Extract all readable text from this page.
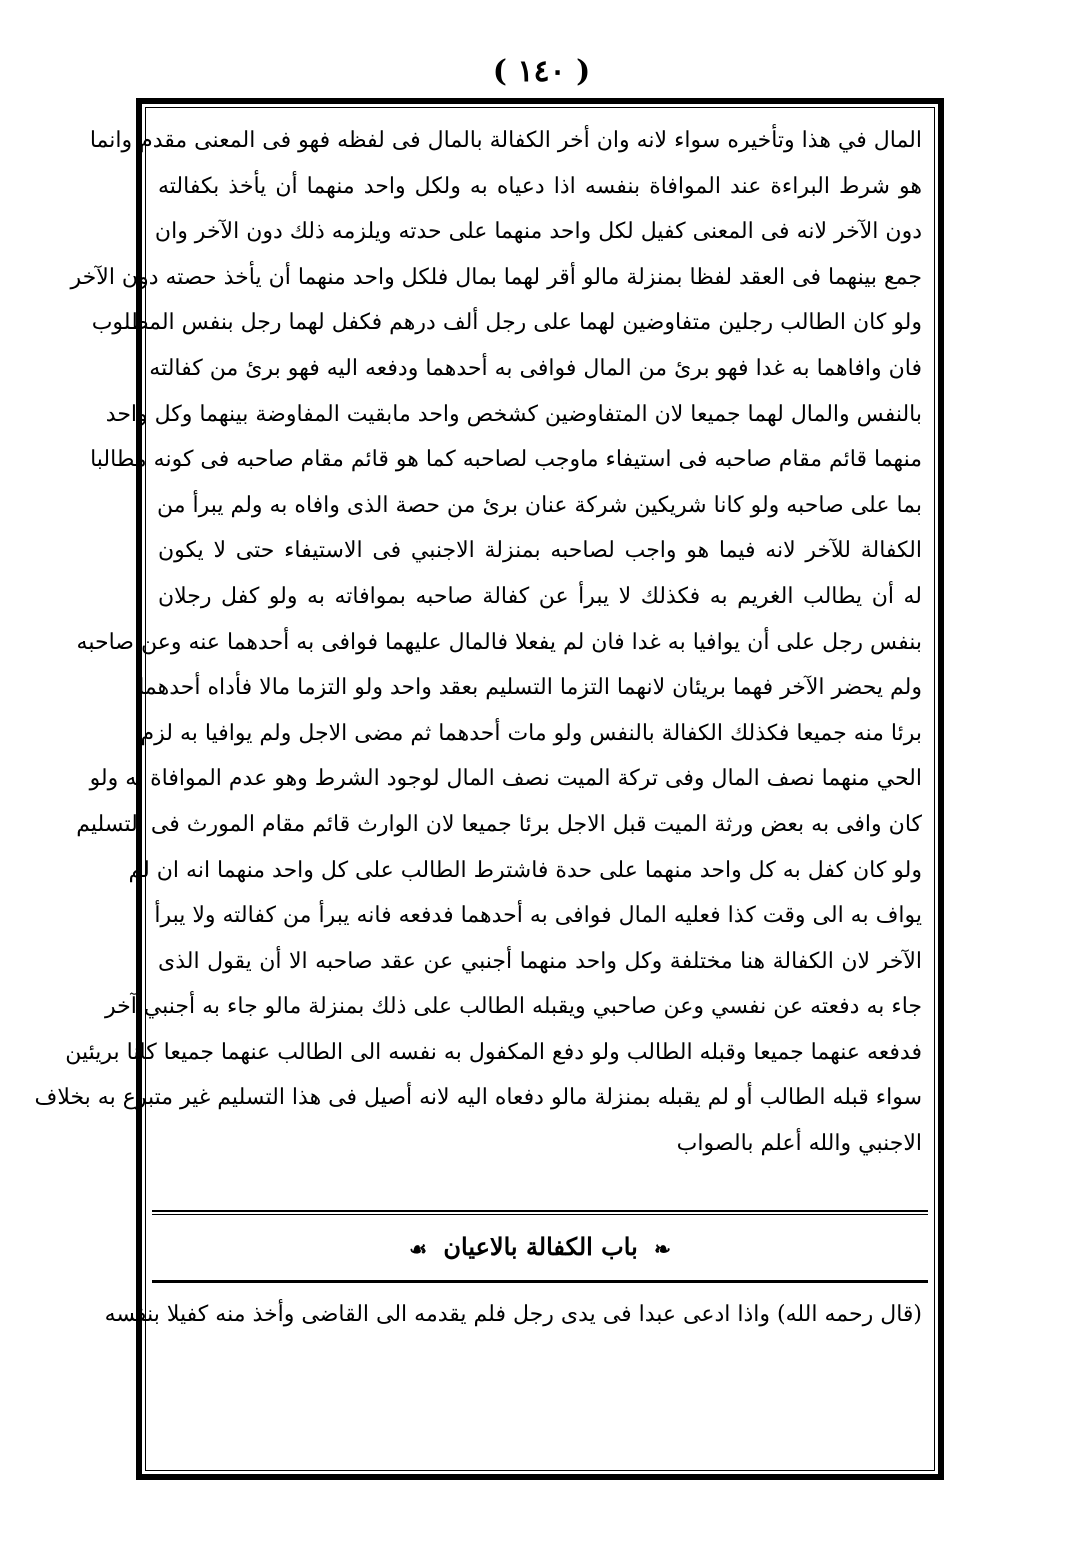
( ١٤٠ )
المال في هذا وتأخيره سواء لانه وان أخر الكفالة بالمال فى لفظه فهو فى المعنى مقدم وانما
هو شرط البراءة عند الموافاة بنفسه اذا دعياه به ولكل واحد منهما أن يأخذ بكفالته
دون الآخر لانه فى المعنى كفيل لكل واحد منهما على حدته ويلزمه ذلك دون الآخر وان
جمع بينهما فى العقد لفظا بمنزلة مالو أقر لهما بمال فلكل واحد منهما أن يأخذ حصته دون الآخر
ولو كان الطالب رجلين متفاوضين لهما على رجل ألف درهم فكفل لهما رجل بنفس المطلوب
فان وافاهما به غدا فهو برئ من المال فوافى به أحدهما ودفعه اليه فهو برئ من كفالته
بالنفس والمال لهما جميعا لان المتفاوضين كشخص واحد مابقيت المفاوضة بينهما وكل واحد
منهما قائم مقام صاحبه فى استيفاء ماوجب لصاحبه كما هو قائم مقام صاحبه فى كونه مطالبا
بما على صاحبه ولو كانا شريكين شركة عنان برئ من حصة الذى وافاه به ولم يبرأ من
الكفالة للآخر لانه فيما هو واجب لصاحبه بمنزلة الاجنبي فى الاستيفاء حتى لا يكون
له أن يطالب الغريم به فكذلك لا يبرأ عن كفالة صاحبه بموافاته به ولو كفل رجلان
بنفس رجل على أن يوافيا به غدا فان لم يفعلا فالمال عليهما فوافى به أحدهما عنه وعن صاحبه
ولم يحضر الآخر فهما بريئان لانهما التزما التسليم بعقد واحد ولو التزما مالا فأداه أحدهما
برئا منه جميعا فكذلك الكفالة بالنفس ولو مات أحدهما ثم مضى الاجل ولم يوافيا به لزم
الحي منهما نصف المال وفى تركة الميت نصف المال لوجود الشرط وهو عدم الموافاة به ولو
كان وافى به بعض ورثة الميت قبل الاجل برئا جميعا لان الوارث قائم مقام المورث فى التسليم
ولو كان كفل به كل واحد منهما على حدة فاشترط الطالب على كل واحد منهما انه ان لم
يواف به الى وقت كذا فعليه المال فوافى به أحدهما فدفعه فانه يبرأ من كفالته ولا يبرأ
الآخر لان الكفالة هنا مختلفة وكل واحد منهما أجنبي عن عقد صاحبه الا أن يقول الذى
جاء به دفعته عن نفسي وعن صاحبي ويقبله الطالب على ذلك بمنزلة مالو جاء به أجنبي آخر
فدفعه عنهما جميعا وقبله الطالب ولو دفع المكفول به نفسه الى الطالب عنهما جميعا كانا بريئين
سواء قبله الطالب أو لم يقبله بمنزلة مالو دفعاه اليه لانه أصيل فى هذا التسليم غير متبرع به بخلاف
الاجنبي والله أعلم بالصواب
❧ باب الكفالة بالاعيان ☙
(قال رحمه الله) واذا ادعى عبدا فى يدى رجل فلم يقدمه الى القاضى وأخذ منه كفيلا بنفسه
